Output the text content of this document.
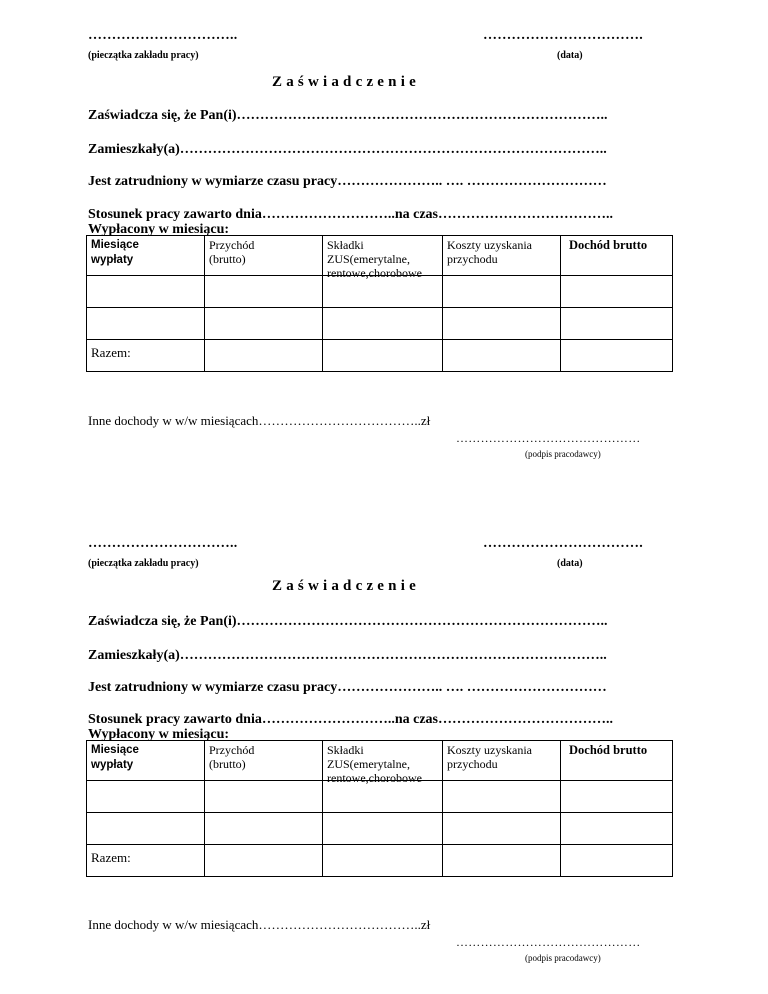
…………………………..
(pieczątka zakładu pracy)
…………………………….
(data)
Zaświadczenie
Zaświadcza się, że Pan(i)……………………………………………………………………..
Zamieszkały(a)………………………………………………………………………………..
Jest zatrudniony w wymiarze czasu pracy………………….. …. …………………………
Stosunek pracy zawarto dnia………………………..na czas………………………………..
Wypłacony w miesiącu:
Miesiące
wypłaty
Przychód
(brutto)
Składki
ZUS(emerytalne,
rentowe,chorobowe
Koszty uzyskania
przychodu
Dochód brutto
Razem:
Inne dochody w w/w miesiącach………………………………..zł
………………………………………
(podpis pracodawcy)
…………………………..
(pieczątka zakładu pracy)
…………………………….
(data)
Zaświadczenie
Zaświadcza się, że Pan(i)……………………………………………………………………..
Zamieszkały(a)………………………………………………………………………………..
Jest zatrudniony w wymiarze czasu pracy………………….. …. …………………………
Stosunek pracy zawarto dnia………………………..na czas………………………………..
Wypłacony w miesiącu:
Miesiące
wypłaty
Przychód
(brutto)
Składki
ZUS(emerytalne,
rentowe,chorobowe
Koszty uzyskania
przychodu
Dochód brutto
Razem:
Inne dochody w w/w miesiącach………………………………..zł
………………………………………
(podpis pracodawcy)
